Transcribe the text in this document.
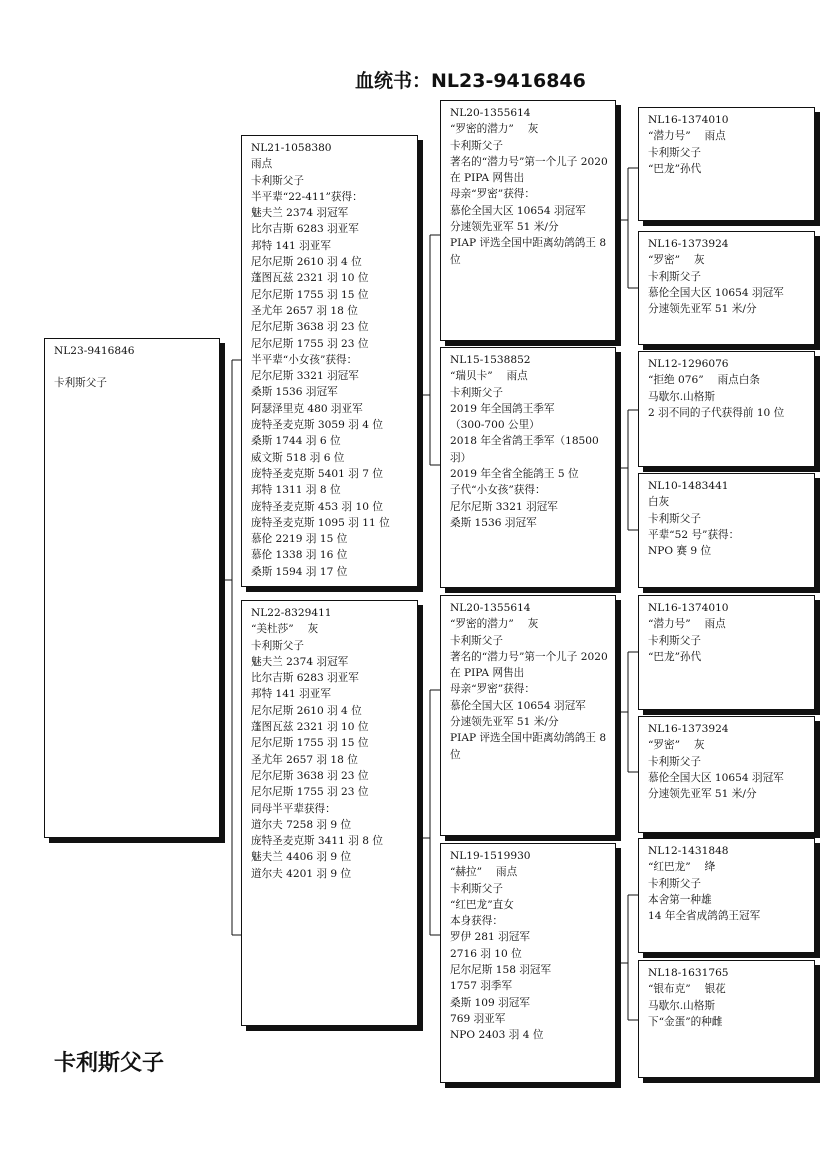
血统书：NL23-9416846
NL23-9416846
卡利斯父子
NL21-1058380
雨点
卡利斯父子
半平辈“22-411”获得：
魅夫兰 2374 羽冠军
比尔吉斯 6283 羽亚军
邦特 141 羽亚军
尼尔尼斯 2610 羽 4 位
蓬图瓦兹 2321 羽 10 位
尼尔尼斯 1755 羽 15 位
圣尤年 2657 羽 18 位
尼尔尼斯 3638 羽 23 位
尼尔尼斯 1755 羽 23 位
半平辈“小女孩”获得：
尼尔尼斯 3321 羽冠军
桑斯 1536 羽冠军
阿瑟泽里克 480 羽亚军
庞特圣麦克斯 3059 羽 4 位
桑斯 1744 羽 6 位
威文斯 518 羽 6 位
庞特圣麦克斯 5401 羽 7 位
邦特 1311 羽 8 位
庞特圣麦克斯 453 羽 10 位
庞特圣麦克斯 1095 羽 11 位
慕伦 2219 羽 15 位
慕伦 1338 羽 16 位
桑斯 1594 羽 17 位
NL22-8329411
“美杜莎”　 灰
卡利斯父子
魅夫兰 2374 羽冠军
比尔吉斯 6283 羽亚军
邦特 141 羽亚军
尼尔尼斯 2610 羽 4 位
蓬图瓦兹 2321 羽 10 位
尼尔尼斯 1755 羽 15 位
圣尤年 2657 羽 18 位
尼尔尼斯 3638 羽 23 位
尼尔尼斯 1755 羽 23 位
同母半平辈获得：
道尔夫 7258 羽 9 位
庞特圣麦克斯 3411 羽 8 位
魅夫兰 4406 羽 9 位
道尔夫 4201 羽 9 位
NL20-1355614
“罗密的潜力”　 灰
卡利斯父子
著名的“潜力号”第一个儿子 2020 在 PIPA 网售出
母亲“罗密”获得：
慕伦全国大区 10654 羽冠军
分速领先亚军 51 米/分
PIAP 评选全国中距离幼鸽鸽王 8 位
NL15-1538852
“瑞贝卡”　 雨点
卡利斯父子
2019 年全国鸽王季军
（300-700 公里）
2018 年全省鸽王季军（18500 羽）
2019 年全省全能鸽王 5 位
子代“小女孩”获得：
尼尔尼斯 3321 羽冠军
桑斯 1536 羽冠军
NL20-1355614
“罗密的潜力”　 灰
卡利斯父子
著名的“潜力号”第一个儿子 2020 在 PIPA 网售出
母亲“罗密”获得：
慕伦全国大区 10654 羽冠军
分速领先亚军 51 米/分
PIAP 评选全国中距离幼鸽鸽王 8 位
NL19-1519930
“赫拉”　 雨点
卡利斯父子
“红巴龙”直女
本身获得：
罗伊 281 羽冠军
2716 羽 10 位
尼尔尼斯 158 羽冠军
1757 羽季军
桑斯 109 羽冠军
769 羽亚军
NPO 2403 羽 4 位
NL16-1374010
“潜力号”　 雨点
卡利斯父子
“巴龙”孙代
NL16-1373924
“罗密”　 灰
卡利斯父子
慕伦全国大区 10654 羽冠军
分速领先亚军 51 米/分
NL12-1296076
“拒绝 076”　 雨点白条
马歇尔.山格斯
2 羽不同的子代获得前 10 位
NL10-1483441
白灰
卡利斯父子
平辈“52 号”获得：
NPO 赛 9 位
NL16-1374010
“潜力号”　 雨点
卡利斯父子
“巴龙”孙代
NL16-1373924
“罗密”　 灰
卡利斯父子
慕伦全国大区 10654 羽冠军
分速领先亚军 51 米/分
NL12-1431848
“红巴龙”　 绛
卡利斯父子
本舍第一种雄
14 年全省成鸽鸽王冠军
NL18-1631765
“银布克”　 银花
马歇尔.山格斯
下“金蛋”的种雌
卡利斯父子
